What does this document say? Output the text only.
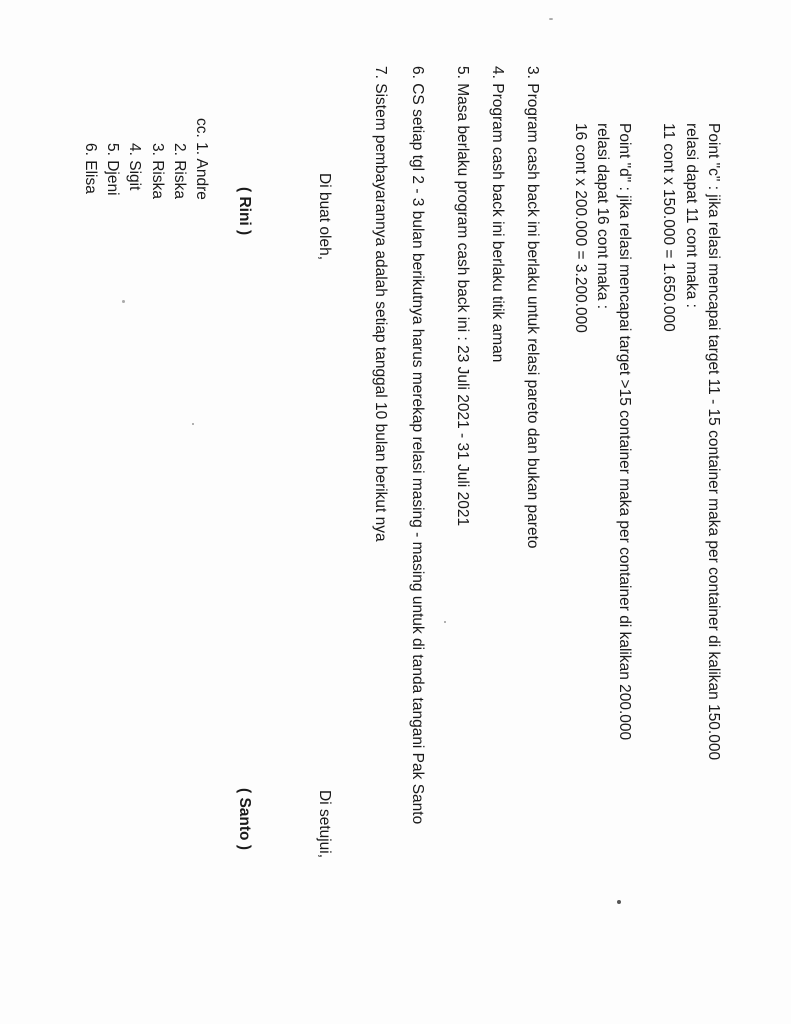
Point "c" : jika relasi mencapai target 11 - 15 container maka per container di kalikan 150.000
relasi dapat 11 cont maka :
11 cont x 150.000 = 1.650.000
Point "d" : jika relasi mencapai target >15 container maka per container di kalikan 200.000
relasi dapat 16 cont maka :
16 cont x 200.000 = 3.200.000
3. Program cash back ini berlaku untuk relasi pareto dan bukan pareto
4. Program cash back ini berlaku titik aman
5. Masa berlaku program cash back ini : 23 Juli 2021 - 31 Juli 2021
6. CS setiap tgl 2 - 3 bulan berikutnya harus merekap relasi masing - masing untuk di tanda tangani Pak Santo
7. Sistem pembayarannya adalah setiap tanggal 10 bulan berikut nya
Di buat oleh,
Di setujui,
( Rini )
( Santo )
cc. 1. Andre
2. Riska
3. Riska
4. Sigit
5. Djeni
6. Elisa
